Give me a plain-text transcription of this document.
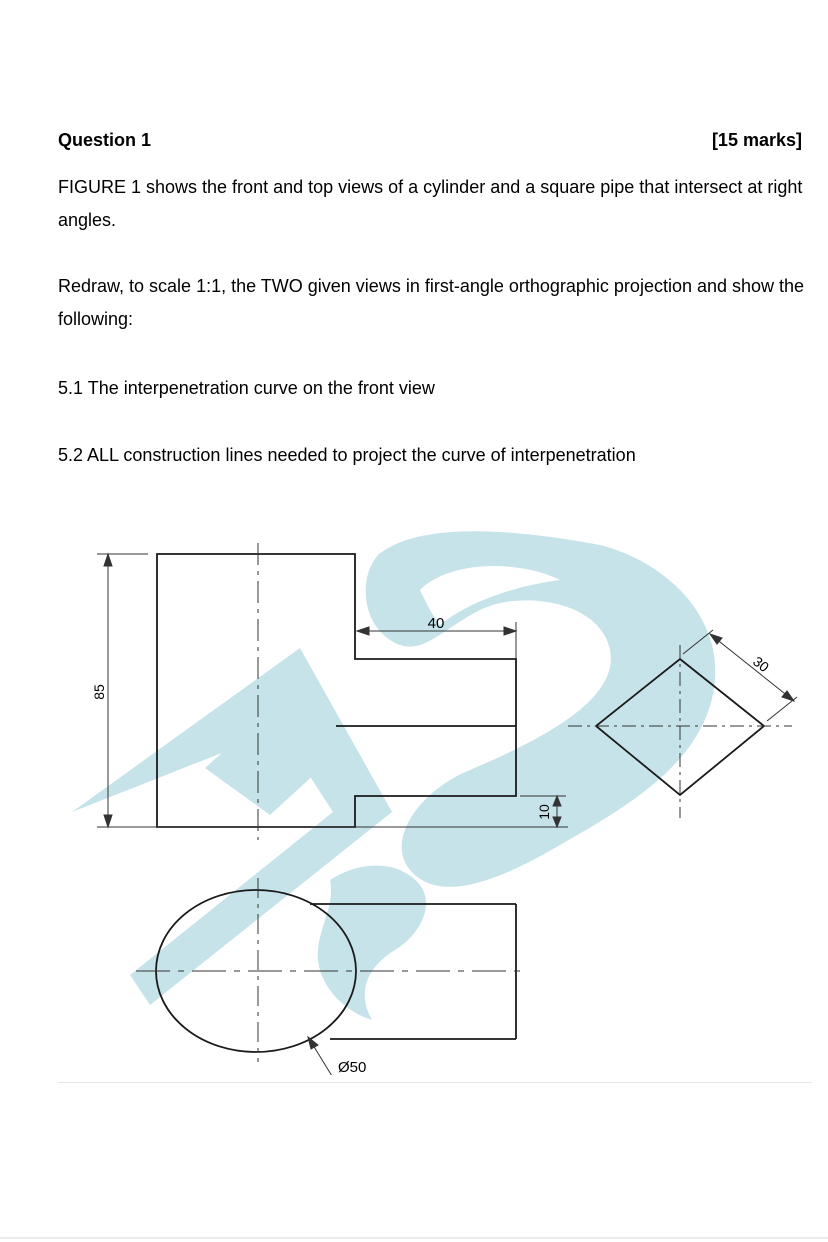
Question 1	[15 marks]
FIGURE 1 shows the front and top views of a cylinder and a square pipe that intersect at right angles.
Redraw, to scale 1:1, the TWO given views in first-angle orthographic projection and show the following:
5.1 The interpenetration curve on the front view
5.2 ALL construction lines needed to project the curve of interpenetration
85
40
10
30
Ø50
